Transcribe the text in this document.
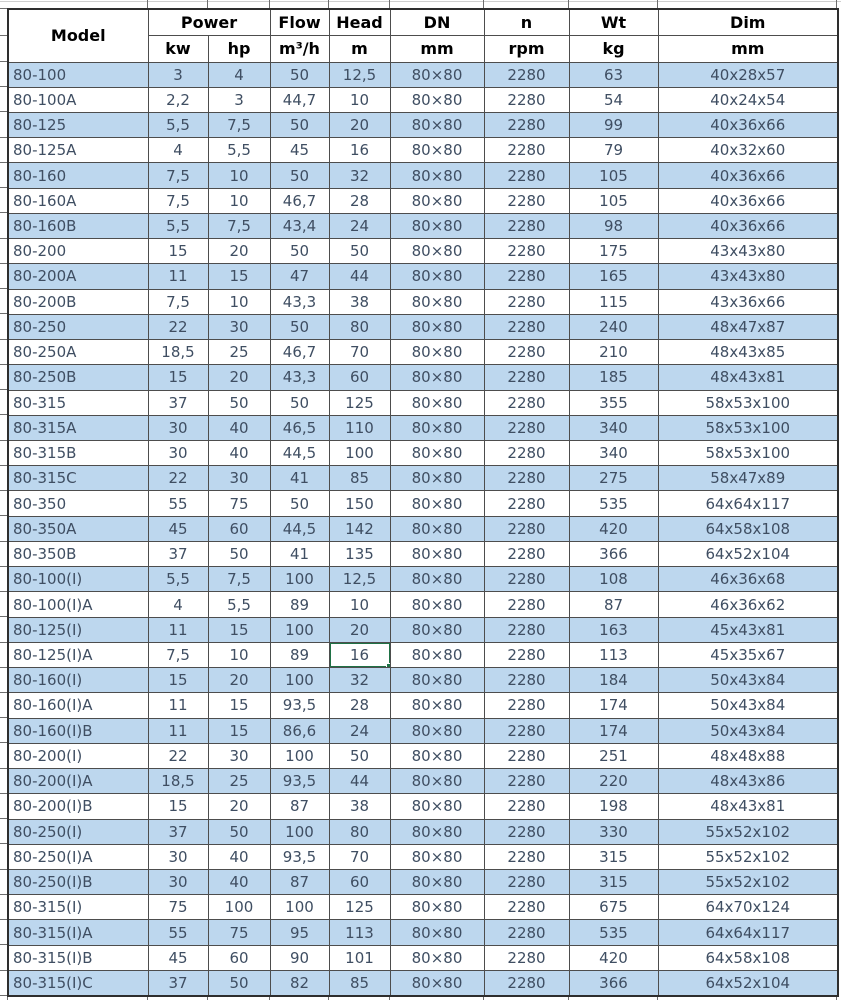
Model	Power		Flow	Head	DN	n	Wt	Dim
	kw	hp	m³/h	m	mm	rpm	kg	mm
80-100	3	4	50	12,5	80×80	2280	63	40x28x57
80-100A	2,2	3	44,7	10	80×80	2280	54	40x24x54
80-125	5,5	7,5	50	20	80×80	2280	99	40x36x66
80-125A	4	5,5	45	16	80×80	2280	79	40x32x60
80-160	7,5	10	50	32	80×80	2280	105	40x36x66
80-160A	7,5	10	46,7	28	80×80	2280	105	40x36x66
80-160B	5,5	7,5	43,4	24	80×80	2280	98	40x36x66
80-200	15	20	50	50	80×80	2280	175	43x43x80
80-200A	11	15	47	44	80×80	2280	165	43x43x80
80-200B	7,5	10	43,3	38	80×80	2280	115	43x36x66
80-250	22	30	50	80	80×80	2280	240	48x47x87
80-250A	18,5	25	46,7	70	80×80	2280	210	48x43x85
80-250B	15	20	43,3	60	80×80	2280	185	48x43x81
80-315	37	50	50	125	80×80	2280	355	58x53x100
80-315A	30	40	46,5	110	80×80	2280	340	58x53x100
80-315B	30	40	44,5	100	80×80	2280	340	58x53x100
80-315C	22	30	41	85	80×80	2280	275	58x47x89
80-350	55	75	50	150	80×80	2280	535	64x64x117
80-350A	45	60	44,5	142	80×80	2280	420	64x58x108
80-350B	37	50	41	135	80×80	2280	366	64x52x104
80-100(I)	5,5	7,5	100	12,5	80×80	2280	108	46x36x68
80-100(I)A	4	5,5	89	10	80×80	2280	87	46x36x62
80-125(I)	11	15	100	20	80×80	2280	163	45x43x81
80-125(I)A	7,5	10	89	16	80×80	2280	113	45x35x67
80-160(I)	15	20	100	32	80×80	2280	184	50x43x84
80-160(I)A	11	15	93,5	28	80×80	2280	174	50x43x84
80-160(I)B	11	15	86,6	24	80×80	2280	174	50x43x84
80-200(I)	22	30	100	50	80×80	2280	251	48x48x88
80-200(I)A	18,5	25	93,5	44	80×80	2280	220	48x43x86
80-200(I)B	15	20	87	38	80×80	2280	198	48x43x81
80-250(I)	37	50	100	80	80×80	2280	330	55x52x102
80-250(I)A	30	40	93,5	70	80×80	2280	315	55x52x102
80-250(I)B	30	40	87	60	80×80	2280	315	55x52x102
80-315(I)	75	100	100	125	80×80	2280	675	64x70x124
80-315(I)A	55	75	95	113	80×80	2280	535	64x64x117
80-315(I)B	45	60	90	101	80×80	2280	420	64x58x108
80-315(I)C	37	50	82	85	80×80	2280	366	64x52x104
